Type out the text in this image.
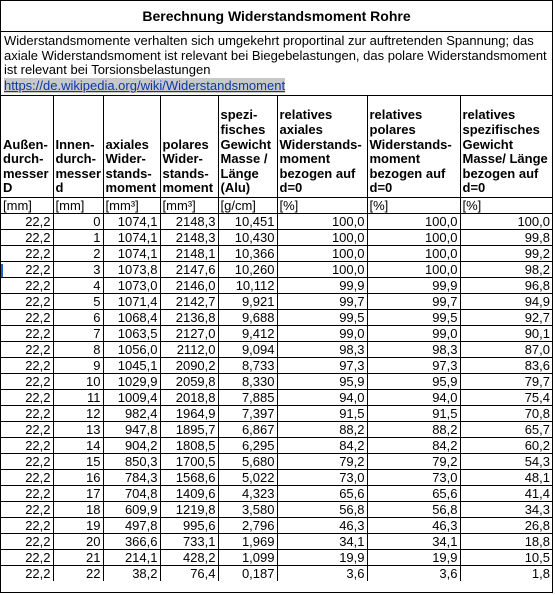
Berechnung Widerstandsmoment Rohre
Widerstandsmomente verhalten sich umgekehrt proportinal zur auftretenden Spannung; das axiale Widerstandsmoment ist relevant bei Biegebelastungen, das polare Widerstandsmoment ist relevant bei Torsionsbelastungen
https://de.wikipedia.org/wiki/Widerstandsmoment
Außen-durch-messer D	Innen-durch-messer d	axiales Wider-stands-moment	polares Wider-stands-moment	spezi-fisches Gewicht Masse / Länge (Alu)	relatives axiales Widerstands-moment bezogen auf d=0	relatives polares Widerstands-moment bezogen auf d=0	relatives spezifisches Gewicht Masse/ Länge bezogen auf d=0
[mm]	[mm]	[mm³]	[mm³]	[g/cm]	[%]	[%]	[%]
22,2	0	1074,1	2148,3	10,451	100,0	100,0	100,0
22,2	1	1074,1	2148,3	10,430	100,0	100,0	99,8
22,2	2	1074,1	2148,1	10,366	100,0	100,0	99,2
22,2	3	1073,8	2147,6	10,260	100,0	100,0	98,2
22,2	4	1073,0	2146,0	10,112	99,9	99,9	96,8
22,2	5	1071,4	2142,7	9,921	99,7	99,7	94,9
22,2	6	1068,4	2136,8	9,688	99,5	99,5	92,7
22,2	7	1063,5	2127,0	9,412	99,0	99,0	90,1
22,2	8	1056,0	2112,0	9,094	98,3	98,3	87,0
22,2	9	1045,1	2090,2	8,733	97,3	97,3	83,6
22,2	10	1029,9	2059,8	8,330	95,9	95,9	79,7
22,2	11	1009,4	2018,8	7,885	94,0	94,0	75,4
22,2	12	982,4	1964,9	7,397	91,5	91,5	70,8
22,2	13	947,8	1895,7	6,867	88,2	88,2	65,7
22,2	14	904,2	1808,5	6,295	84,2	84,2	60,2
22,2	15	850,3	1700,5	5,680	79,2	79,2	54,3
22,2	16	784,3	1568,6	5,022	73,0	73,0	48,1
22,2	17	704,8	1409,6	4,323	65,6	65,6	41,4
22,2	18	609,9	1219,8	3,580	56,8	56,8	34,3
22,2	19	497,8	995,6	2,796	46,3	46,3	26,8
22,2	20	366,6	733,1	1,969	34,1	34,1	18,8
22,2	21	214,1	428,2	1,099	19,9	19,9	10,5
22,2	22	38,2	76,4	0,187	3,6	3,6	1,8
